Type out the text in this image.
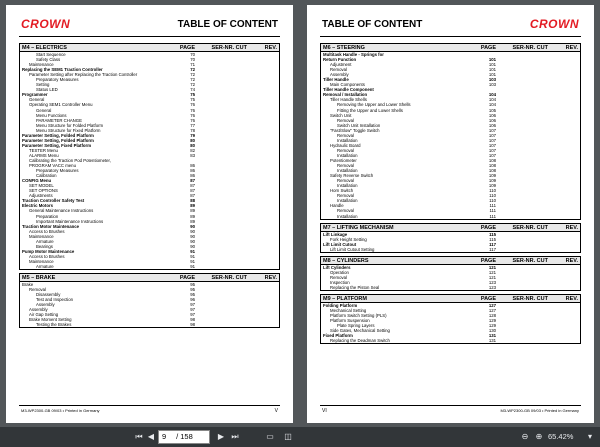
CROWN	TABLE OF CONTENT
M4 – ELECTRICS	PAGE	SER-NR. CUT	REV.
Start Sequence	70
Safety Class	70
Maintenance	71
Replacing the SEM1 Traction Controller	72
Parameter Setting after Replacing the Traction Controller	72
Preparatory Measures	72
Setting	72
Status LED	74
Programmer	75
General	75
Operating SEM1 Controller Menu	76
General	76
Menu Functions	76
PARAMETER CHANGE	76
Menu Structure for Folded Platform	77
Menu Structure for Fixed Platform	78
Parameter Setting, Folded Platform	79
Parameter Setting, Folded Platform	80
Parameter Setting, Fixed Platform	80
TESTER Menu	82
ALARMS Menu	83
Calibrating the Traction Pod Potentiometer,
PROGRAM VACC menu	86
Preparatory Measures	86
Calibration	86
CONFIG Menu	87
SET MODEL	87
SET OPTIONS	87
Adjustments	87
Traction Controller Safety Test	88
Electric Motors	89
General Maintenance Instructions	89
Preparation	89
Important Maintenance Instructions	89
Traction Motor Maintenance	90
Access to Brushes	90
Maintenance	90
Armature	90
Bearings	90
Pump Motor Maintenance	91
Access to Brushes	91
Maintenance	91
Armature	91
M5 – BRAKE	PAGE	SER-NR. CUT	REV.
Brake	95
Removal	95
Disassembly	95
Test and Inspection	96
Assembly	97
Assembly	97
Air Gap Setting	97
Brake Moment Setting	98
Testing the Brakes	98
M3-WP2300-GB 09/03 • Printed in Germany	V
TABLE OF CONTENT	CROWN
M6 – STEERING	PAGE	SER-NR. CUT	REV.
Multitask Handle - Springs for
Return Function	101
Adjustment	101
Removal	101
Assembly	101
Tiller Handle	103
Main Components	103
Tiller Handle Component
Removal / Installation	104
Tiller Handle Shells	104
Removing the Upper and Lower Shells	104
Fitting the Upper and Lower Shells	105
Switch Unit	106
Removal	106
Switch Unit Installation	106
"Fast/Slow" Toggle Switch	107
Removal	107
Installation	107
Hydraulic Board	107
Removal	107
Installation	107
Potentiometer	108
Removal	108
Installation	108
Safety Reverse Switch	109
Removal	109
Installation	109
Horn Switch	110
Removal	110
Installation	110
Handle	111
Removal	111
Installation	111
M7 – LIFTING MECHANISM	PAGE	SER-NR. CUT	REV.
Lift Linkage	115
Fork Height Setting	115
Lift Limit Cutout	117
Lift Limit Cutout Setting	117
M8 – CYLINDERS	PAGE	SER-NR. CUT	REV.
Lift Cylinders	121
Operation	121
Removal	121
Inspection	123
Replacing the Piston Seal	123
M9 – PLATFORM	PAGE	SER-NR. CUT	REV.
Folding Platform	127
Mechanical Setting	127
Platform Switch Setting (PLS)	128
Platform Suspension	129
Plate Spring Layers	129
Side Gates, Mechanical Setting	130
Fixed Platform	131
Replacing the Deadman Switch	131
VI	M3-WP2300-GB 09/03 • Printed in Germany
⏮ ◀	9 / 158	▶ ⏭	▭	◫	⊖ ⊕ 65.42%	▾
